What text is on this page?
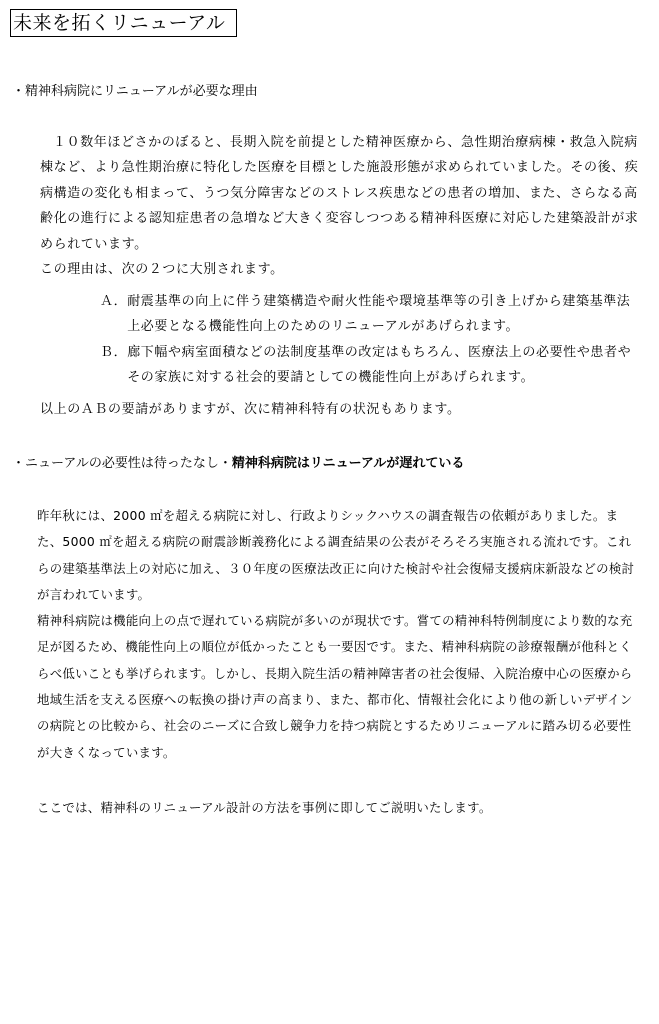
未来を拓くリニューアル
・精神科病院にリニューアルが必要な理由

１０数年ほどさかのぼると、長期入院を前提とした精神医療から、急性期治療病棟・救急入院病棟など、より急性期治療に特化した医療を目標とした施設形態が求められていました。その後、疾病構造の変化も相まって、うつ気分障害などのストレス疾患などの患者の増加、また、さらなる高齢化の進行による認知症患者の急増など大きく変容しつつある精神科医療に対応した建築設計が求められています。

この理由は、次の２つに大別されます。

Ａ． 耐震基準の向上に伴う建築構造や耐火性能や環境基準等の引き上げから建築基準法上必要となる機能性向上のためのリニューアルがあげられます。
Ｂ． 廊下幅や病室面積などの法制度基準の改定はもちろん、医療法上の必要性や患者やその家族に対する社会的要請としての機能性向上があげられます。
以上のＡＢの要請がありますが、次に精神科特有の状況もあります。
・ニューアルの必要性は待ったなし・精神科病院はリニューアルが遅れている

昨年秋には、2000 ㎡を超える病院に対し、行政よりシックハウスの調査報告の依頼がありました。また、5000 ㎡を超える病院の耐震診断義務化による調査結果の公表がそろそろ実施される流れです。これらの建築基準法上の対応に加え、３０年度の医療法改正に向けた検討や社会復帰支援病床新設などの検討が言われています。

精神科病院は機能向上の点で遅れている病院が多いのが現状です。嘗ての精神科特例制度により数的な充足が図るため、機能性向上の順位が低かったことも一要因です。また、精神科病院の診療報酬が他科とくらべ低いことも挙げられます。しかし、長期入院生活の精神障害者の社会復帰、入院治療中心の医療から地域生活を支える医療への転換の掛け声の高まり、また、都市化、情報社会化により他の新しいデザインの病院との比較から、社会のニーズに合致し競争力を持つ病院とするためリニューアルに踏み切る必要性が大きくなっています。

ここでは、精神科のリニューアル設計の方法を事例に即してご説明いたします。
